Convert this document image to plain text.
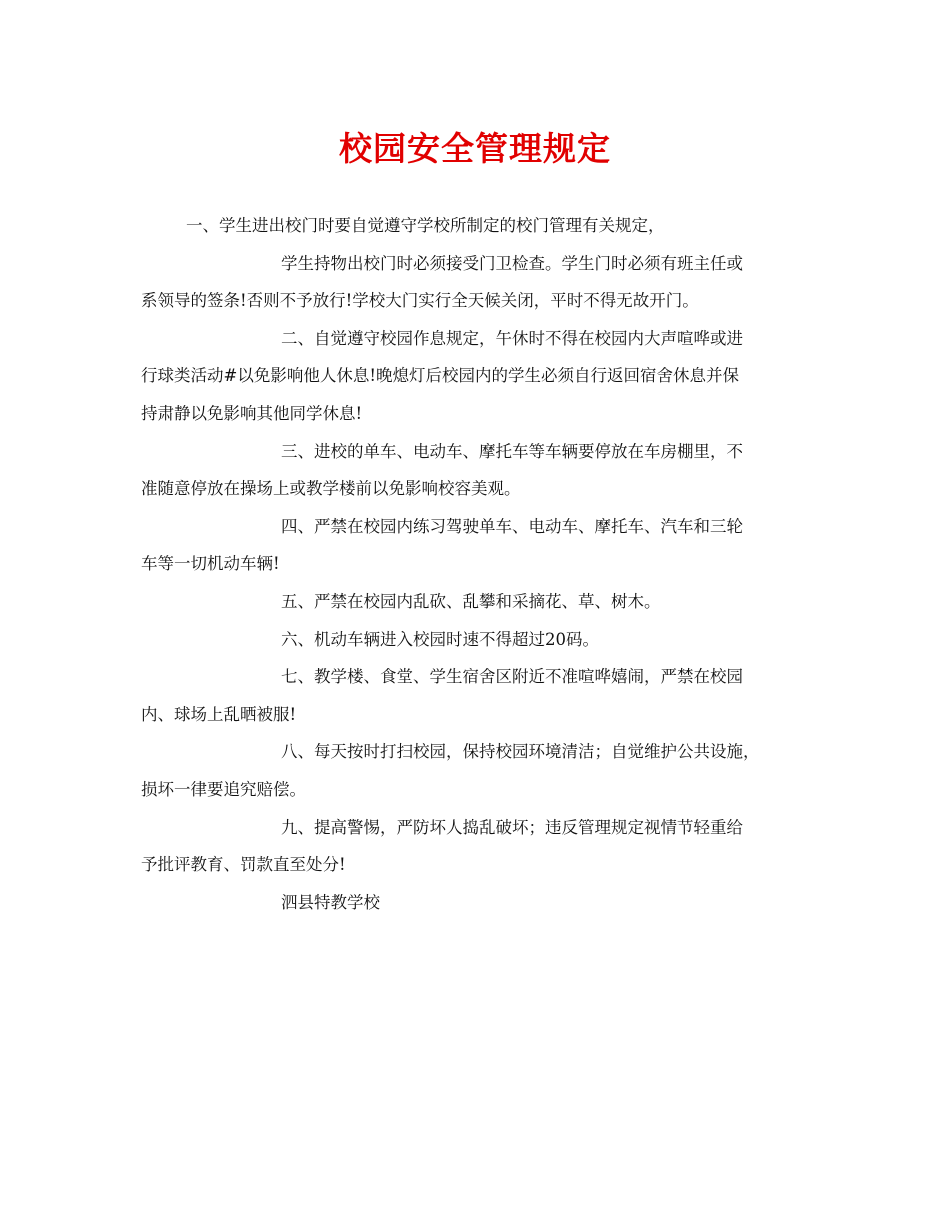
校园安全管理规定
一、学生进出校门时要自觉遵守学校所制定的校门管理有关规定，
学生持物出校门时必须接受门卫检查。学生门时必须有班主任或
系领导的签条!否则不予放行!学校大门实行全天候关闭，平时不得无故开门。
二、自觉遵守校园作息规定，午休时不得在校园内大声喧哗或进
行球类活动#以免影响他人休息!晚熄灯后校园内的学生必须自行返回宿舍休息并保
持肃静以免影响其他同学休息!
三、进校的单车、电动车、摩托车等车辆要停放在车房棚里，不
准随意停放在操场上或教学楼前以免影响校容美观。
四、严禁在校园内练习驾驶单车、电动车、摩托车、汽车和三轮
车等一切机动车辆!
五、严禁在校园内乱砍、乱攀和采摘花、草、树木。
六、机动车辆进入校园时速不得超过20码。
七、教学楼、食堂、学生宿舍区附近不准喧哗嬉闹，严禁在校园
内、球场上乱晒被服!
八、每天按时打扫校园，保持校园环境清洁；自觉维护公共设施，
损坏一律要追究赔偿。
九、提高警惕，严防坏人捣乱破坏；违反管理规定视情节轻重给
予批评教育、罚款直至处分!
泗县特教学校
